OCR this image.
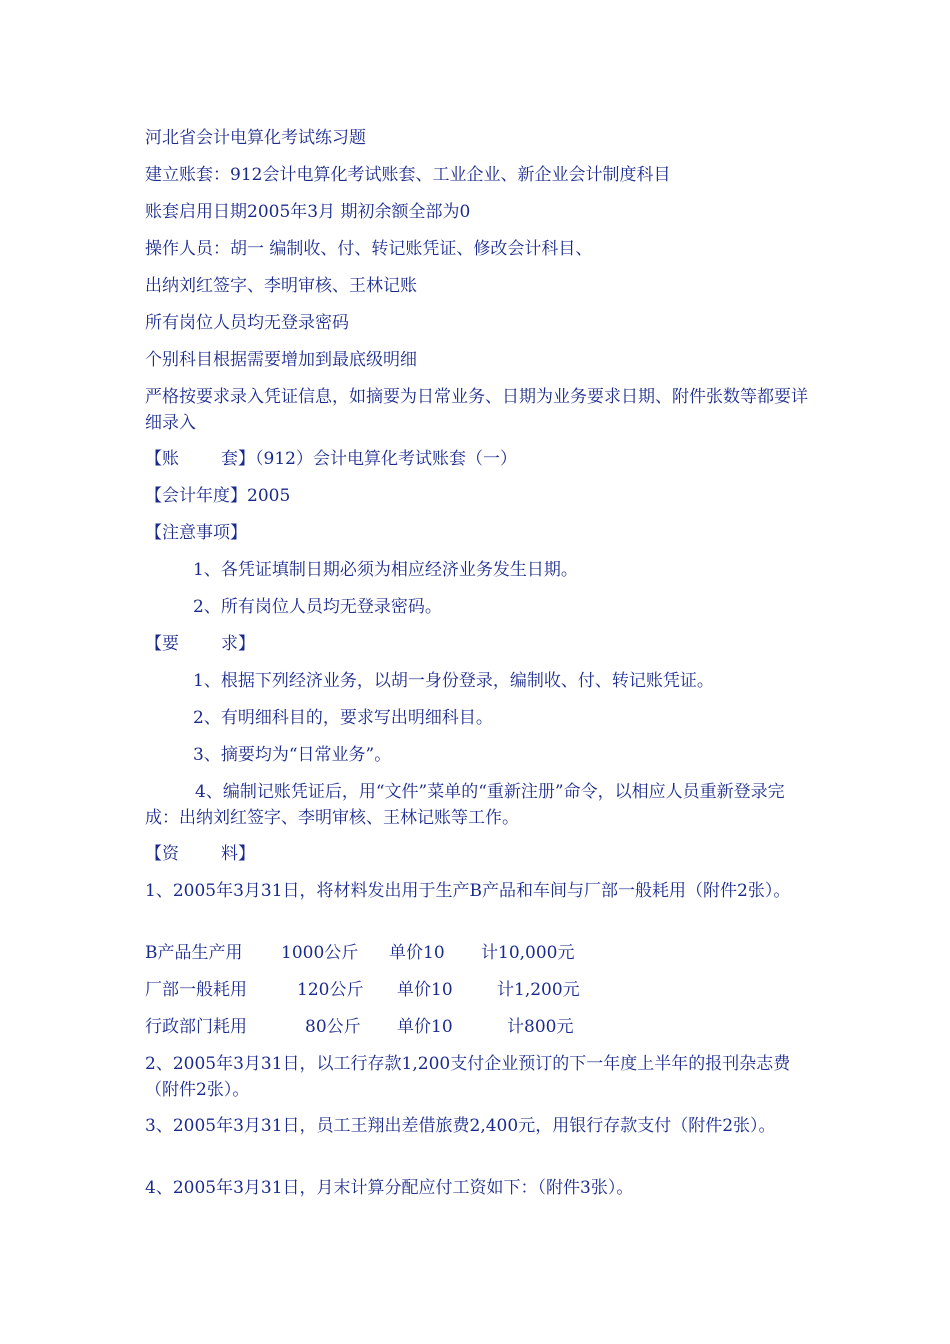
河北省会计电算化考试练习题
建立账套：912会计电算化考试账套、工业企业、新企业会计制度科目
账套启用日期2005年3月 期初余额全部为0
操作人员：胡一 编制收、付、转记账凭证、修改会计科目、
出纳刘红签字、李明审核、王林记账
所有岗位人员均无登录密码
个别科目根据需要增加到最底级明细
严格按要求录入凭证信息，如摘要为日常业务、日期为业务要求日期、附件张数等都要详细录入
【账 套】（912）会计电算化考试账套（一）
【会计年度】2005
【注意事项】
1、各凭证填制日期必须为相应经济业务发生日期。
2、所有岗位人员均无登录密码。
【要 求】
1、根据下列经济业务，以胡一身份登录，编制收、付、转记账凭证。
2、有明细科目的，要求写出明细科目。
3、摘要均为“日常业务”。
4、编制记账凭证后，用“文件”菜单的“重新注册”命令，以相应人员重新登录完成：出纳刘红签字、李明审核、王林记账等工作。
【资 料】
1、2005年3月31日，将材料发出用于生产B产品和车间与厂部一般耗用（附件2张）。
B产品生产用 1000公斤 单价10 计10,000元
厂部一般耗用	120公斤 单价10	计1,200元
行政部门耗用	80公斤 单价10	计800元
2、2005年3月31日，以工行存款1,200支付企业预订的下一年度上半年的报刊杂志费（附件2张）。
3、2005年3月31日，员工王翔出差借旅费2,400元，用银行存款支付（附件2张）。
4、2005年3月31日，月末计算分配应付工资如下：（附件3张）。
